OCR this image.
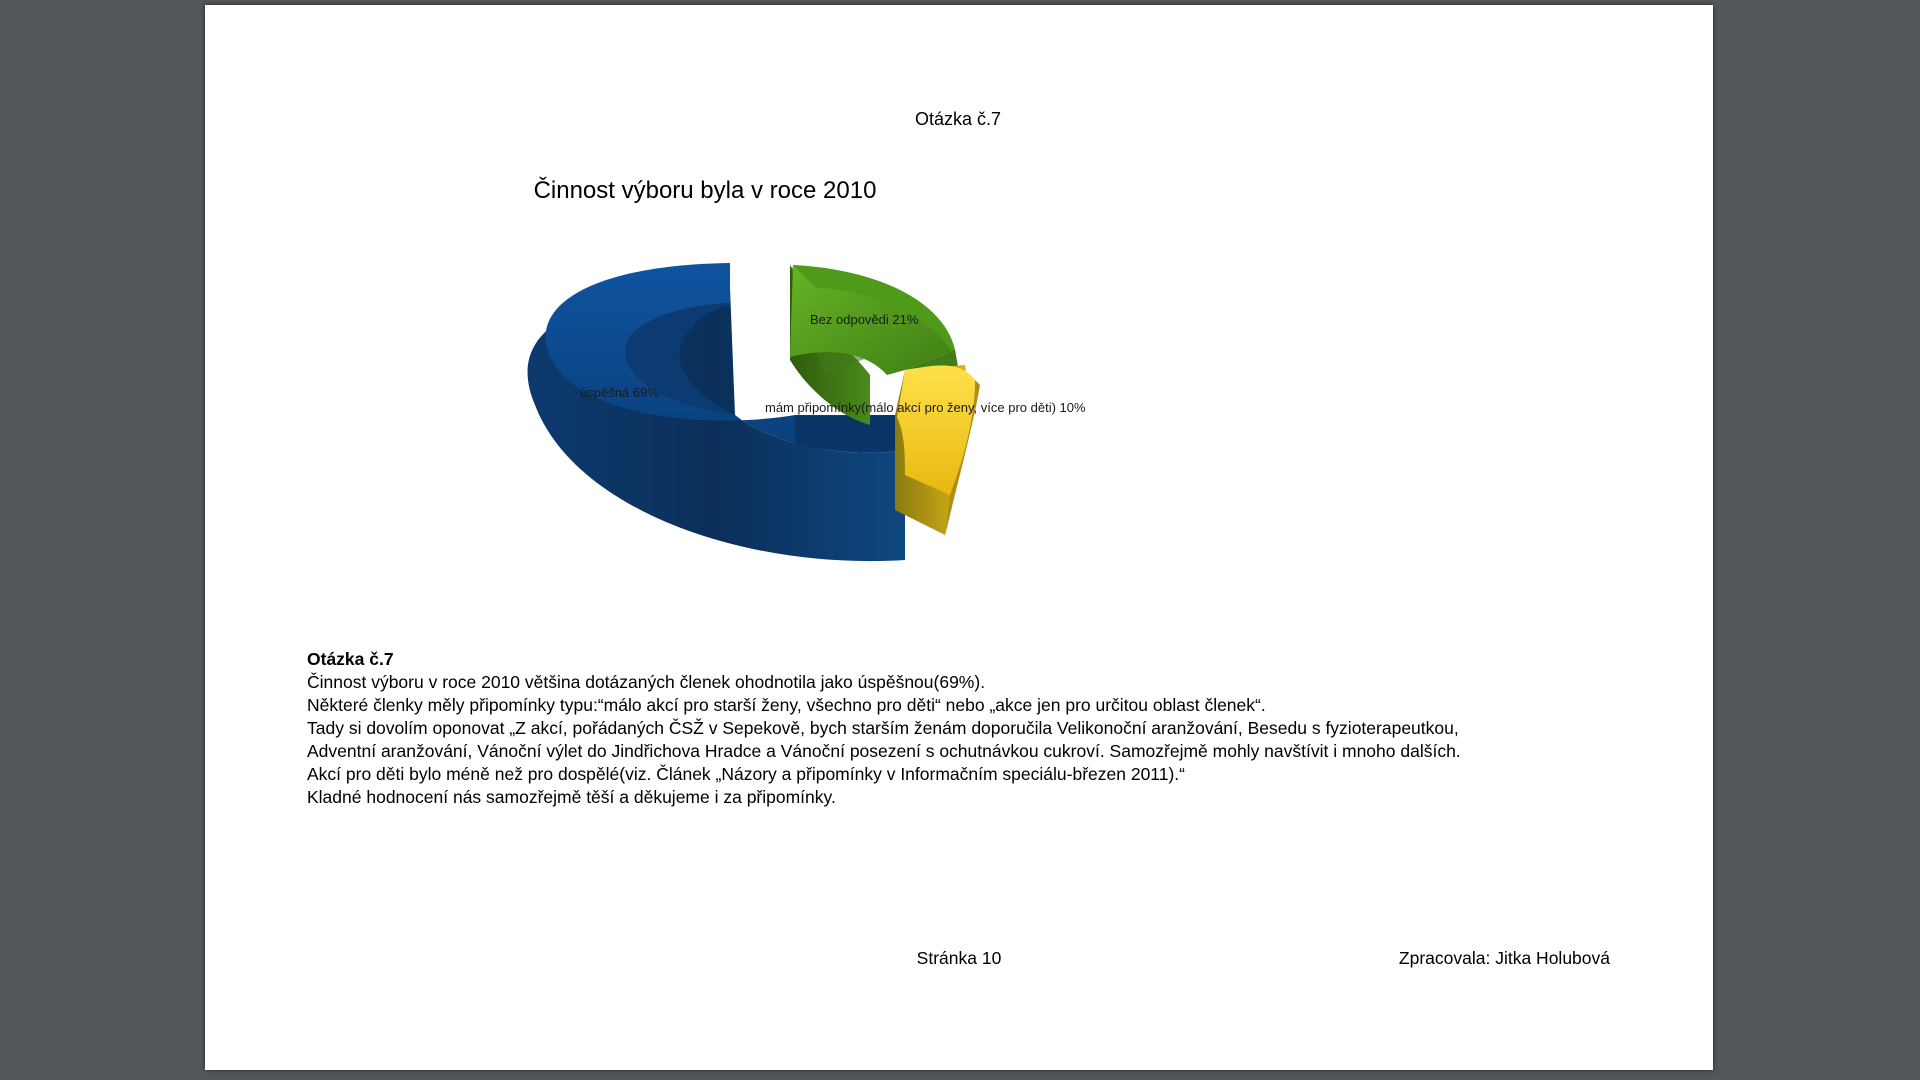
Otázka č.7
Činnost výboru byla v roce 2010
úspěšná 69%
Bez odpovědi 21%
mám připomínky(málo akcí pro ženy, více pro děti) 10%
Otázka č.7
Činnost výboru v roce 2010 většina dotázaných členek ohodnotila jako úspěšnou(69%).
Některé členky měly připomínky typu:“málo akcí pro starší ženy, všechno pro děti“ nebo „akce jen pro určitou oblast členek“.
Tady si dovolím oponovat „Z akcí, pořádaných ČSŽ v Sepekově, bych starším ženám doporučila Velikonoční aranžování, Besedu s fyzioterapeutkou,
Adventní aranžování, Vánoční výlet do Jindřichova Hradce a Vánoční posezení s ochutnávkou cukroví. Samozřejmě mohly navštívit i mnoho dalších.
Akcí pro děti bylo méně než pro dospělé(viz. Článek „Názory a připomínky v Informačním speciálu-březen 2011).“
Kladné hodnocení nás samozřejmě těší a děkujeme i za připomínky.
Stránka 10	Zpracovala: Jitka Holubová
